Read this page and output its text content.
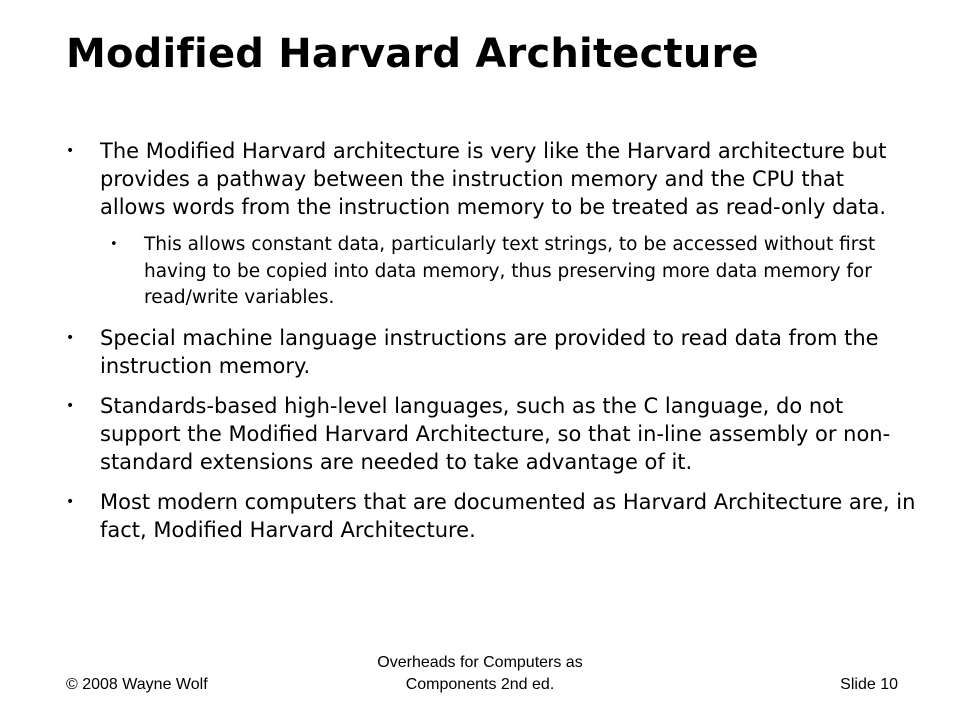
Modified Harvard Architecture
• The Modified Harvard architecture is very like the Harvard architecture but provides a pathway between the instruction memory and the CPU that allows words from the instruction memory to be treated as read-only data.
• This allows constant data, particularly text strings, to be accessed without first having to be copied into data memory, thus preserving more data memory for read/write variables.
• Special machine language instructions are provided to read data from the instruction memory.
• Standards-based high-level languages, such as the C language, do not support the Modified Harvard Architecture, so that in-line assembly or non-standard extensions are needed to take advantage of it.
• Most modern computers that are documented as Harvard Architecture are, in fact, Modified Harvard Architecture.
© 2008 Wayne Wolf
Overheads for Computers as
Components 2nd ed.	Slide 10
